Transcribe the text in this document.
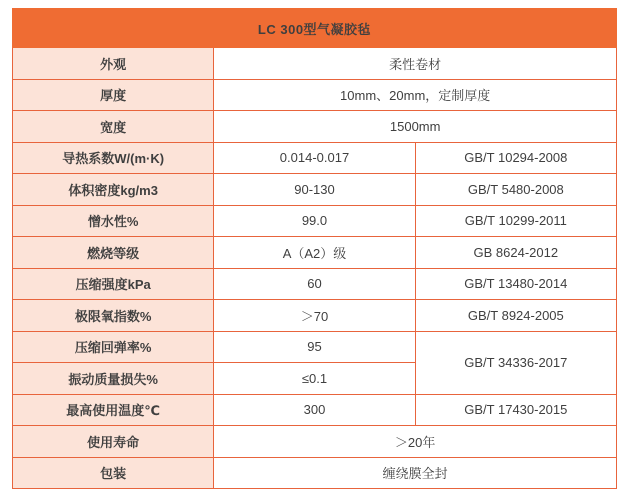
LC 300型气凝胶毡		
外观	柔性卷材	
厚度	10mm、20mm，定制厚度	
宽度	1500mm	
导热系数W/(m·K)	0.014-0.017	GB/T 10294-2008
体积密度kg/m3	90-130	GB/T 5480-2008
憎水性%	99.0	GB/T 10299-2011
燃烧等级	A（A2）级	GB 8624-2012
压缩强度kPa	60	GB/T 13480-2014
极限氧指数%	＞70	GB/T 8924-2005
压缩回弹率%	95	GB/T 34336-2017
振动质量损失%	≤0.1	
最高使用温度℃	300	GB/T 17430-2015
使用寿命	＞20年	
包装	缠绕膜全封	
